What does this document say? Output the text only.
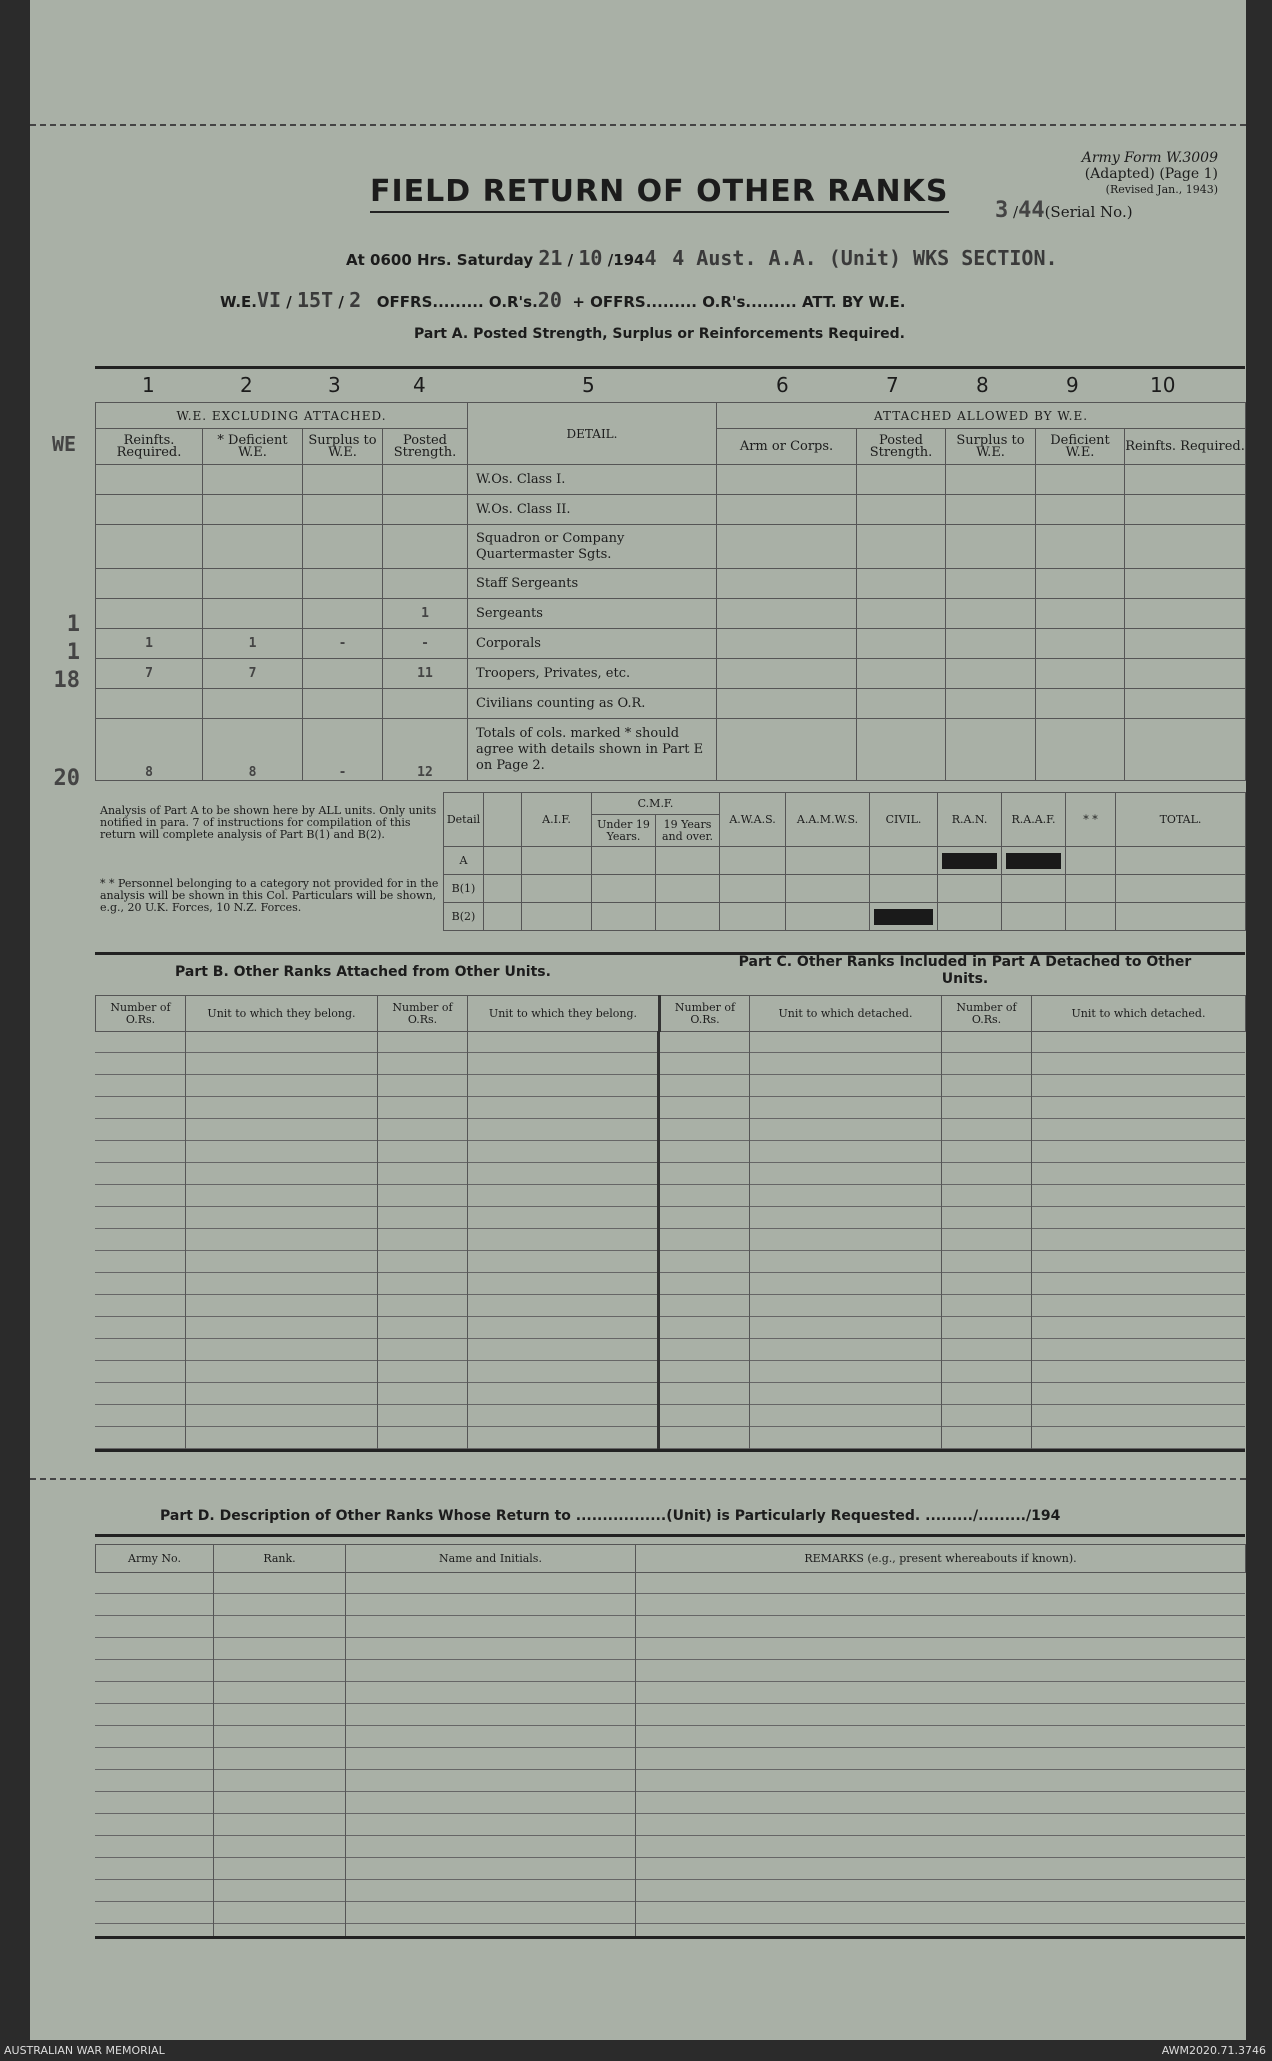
Army Form W.3009
(Adapted) (Page 1)
(Revised Jan., 1943)
FIELD RETURN OF OTHER RANKS
3 /44(Serial No.)
At 0600 Hrs. Saturday 21 / 10 /1944 4 Aust. A.A. (Unit) WKS SECTION.
W.E.VI / 15T / 2 OFFRS......... O.R's.20 + OFFRS......... O.R's......... ATT. BY W.E.
Part A. Posted Strength, Surplus or Reinforcements Required.
1	2	3	4	5	6	7	8	9	10
WE
1
1
18
20
W.E. EXCLUDING ATTACHED.				DETAIL.	ATTACHED ALLOWED BY W.E.				
Reinfts. Required.	* Deficient W.E.	Surplus to W.E.	Posted Strength.		Arm or Corps.	Posted Strength.	Surplus to W.E.	Deficient W.E.	Reinfts. Required.
				W.Os. Class I.					
				W.Os. Class II.					
				Squadron or Company Quartermaster Sgts.					
				Staff Sergeants					
			1	Sergeants					
1	1	-	-	Corporals					
7	7		11	Troopers, Privates, etc.					
				Civilians counting as O.R.					
8	8	-	12	Totals of cols. marked * should agree with details shown in Part E on Page 2.					
Analysis of Part A to be shown here by ALL units. Only units notified in para. 7 of instructions for compilation of this return will complete analysis of Part B(1) and B(2).
* * Personnel belonging to a category not provided for in the analysis will be shown in this Col. Particulars will be shown, e.g., 20 U.K. Forces, 10 N.Z. Forces.
Detail		A.I.F.	C.M.F.		A.W.A.S.	A.A.M.W.S.	CIVIL.	R.A.N.	R.A.A.F.	* *	TOTAL.
			Under 19 Years.	19 Years and over.							
A								

B(1)											
B(2)							

Part B. Other Ranks Attached from Other Units.
Part C. Other Ranks Included in Part A Detached to Other Units.
Number of O.Rs.	Unit to which they belong.	Number of O.Rs.	Unit to which they belong.	Number of O.Rs.	Unit to which detached.	Number of O.Rs.	Unit to which detached.
Part D. Description of Other Ranks Whose Return to .................(Unit) is Particularly Requested. ........./........./194
Army No.	Rank.	Name and Initials.	REMARKS (e.g., present whereabouts if known).
AUSTRALIAN WAR MEMORIAL	AWM2020.71.3746
